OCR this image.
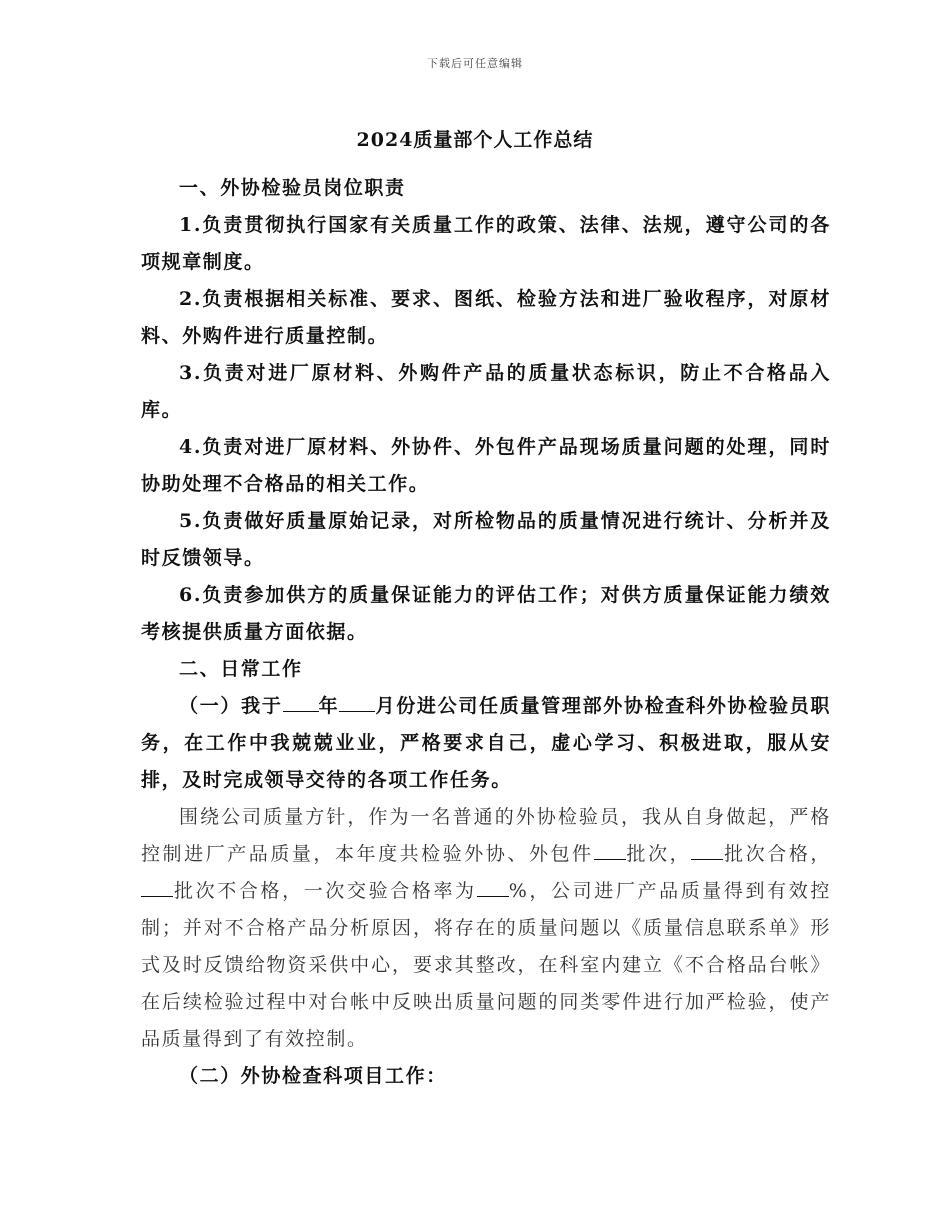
下载后可任意编辑
2024质量部个人工作总结

一、外协检验员岗位职责

1.负责贯彻执行国家有关质量工作的政策、法律、法规，遵守公司的各项规章制度。

2.负责根据相关标准、要求、图纸、检验方法和进厂验收程序，对原材料、外购件进行质量控制。

3.负责对进厂原材料、外购件产品的质量状态标识，防止不合格品入库。

4.负责对进厂原材料、外协件、外包件产品现场质量问题的处理，同时协助处理不合格品的相关工作。

5.负责做好质量原始记录，对所检物品的质量情况进行统计、分析并及时反馈领导。

6.负责参加供方的质量保证能力的评估工作；对供方质量保证能力绩效考核提供质量方面依据。

二、日常工作

（一）我于 年 月份进公司任质量管理部外协检查科外协检验员职务，在工作中我兢兢业业，严格要求自己，虚心学习、积极进取，服从安排，及时完成领导交待的各项工作任务。

围绕公司质量方针，作为一名普通的外协检验员，我从自身做起，严格控制进厂产品质量，本年度共检验外协、外包件 批次， 批次合格，批次不合格，一次交验合格率为 %，公司进厂产品质量得到有效控制；并对不合格产品分析原因，将存在的质量问题以《质量信息联系单》形式及时反馈给物资采供中心，要求其整改，在科室内建立《不合格品台帐》在后续检验过程中对台帐中反映出质量问题的同类零件进行加严检验，使产品质量得到了有效控制。

（二）外协检查科项目工作：
